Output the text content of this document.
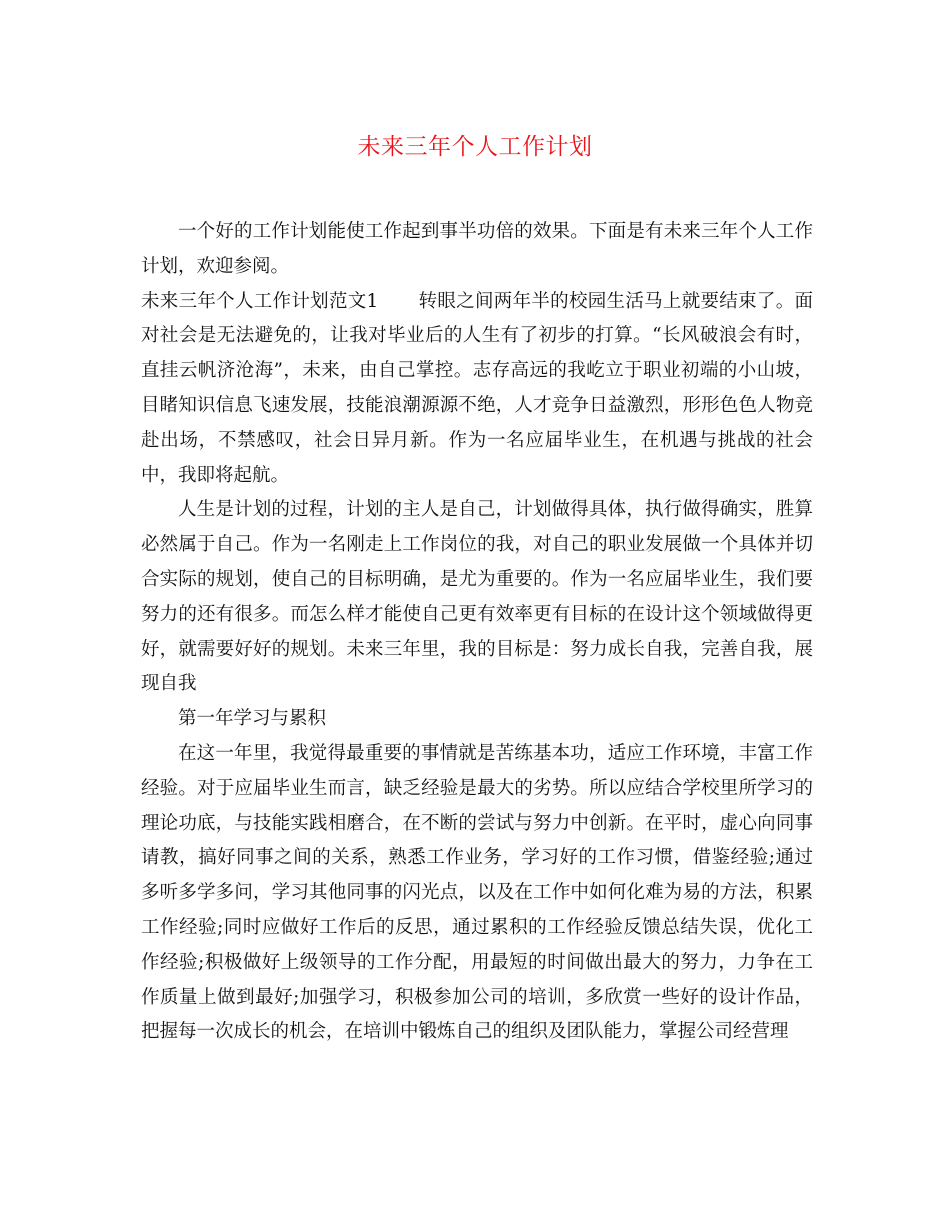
未来三年个人工作计划

一个好的工作计划能使工作起到事半功倍的效果。下面是有未来三年个人工作计划，欢迎参阅。

未来三年个人工作计划范文1 转眼之间两年半的校园生活马上就要结束了。面对社会是无法避免的，让我对毕业后的人生有了初步的打算。“长风破浪会有时，直挂云帆济沧海”，未来，由自己掌控。志存高远的我屹立于职业初端的小山坡，目睹知识信息飞速发展，技能浪潮源源不绝，人才竞争日益激烈，形形色色人物竞赴出场，不禁感叹，社会日异月新。作为一名应届毕业生，在机遇与挑战的社会中，我即将起航。

人生是计划的过程，计划的主人是自己，计划做得具体，执行做得确实，胜算必然属于自己。作为一名刚走上工作岗位的我，对自己的职业发展做一个具体并切合实际的规划，使自己的目标明确，是尤为重要的。作为一名应届毕业生，我们要努力的还有很多。而怎么样才能使自己更有效率更有目标的在设计这个领域做得更好，就需要好好的规划。未来三年里，我的目标是：努力成长自我，完善自我，展现自我

第一年学习与累积

在这一年里，我觉得最重要的事情就是苦练基本功，适应工作环境，丰富工作经验。对于应届毕业生而言，缺乏经验是最大的劣势。所以应结合学校里所学习的理论功底，与技能实践相磨合，在不断的尝试与努力中创新。在平时，虚心向同事请教，搞好同事之间的关系，熟悉工作业务，学习好的工作习惯，借鉴经验;通过多听多学多问，学习其他同事的闪光点，以及在工作中如何化难为易的方法，积累工作经验;同时应做好工作后的反思，通过累积的工作经验反馈总结失误，优化工作经验;积极做好上级领导的工作分配，用最短的时间做出最大的努力，力争在工作质量上做到最好;加强学习，积极参加公司的培训，多欣赏一些好的设计作品，把握每一次成长的机会，在培训中锻炼自己的组织及团队能力，掌握公司经营理
